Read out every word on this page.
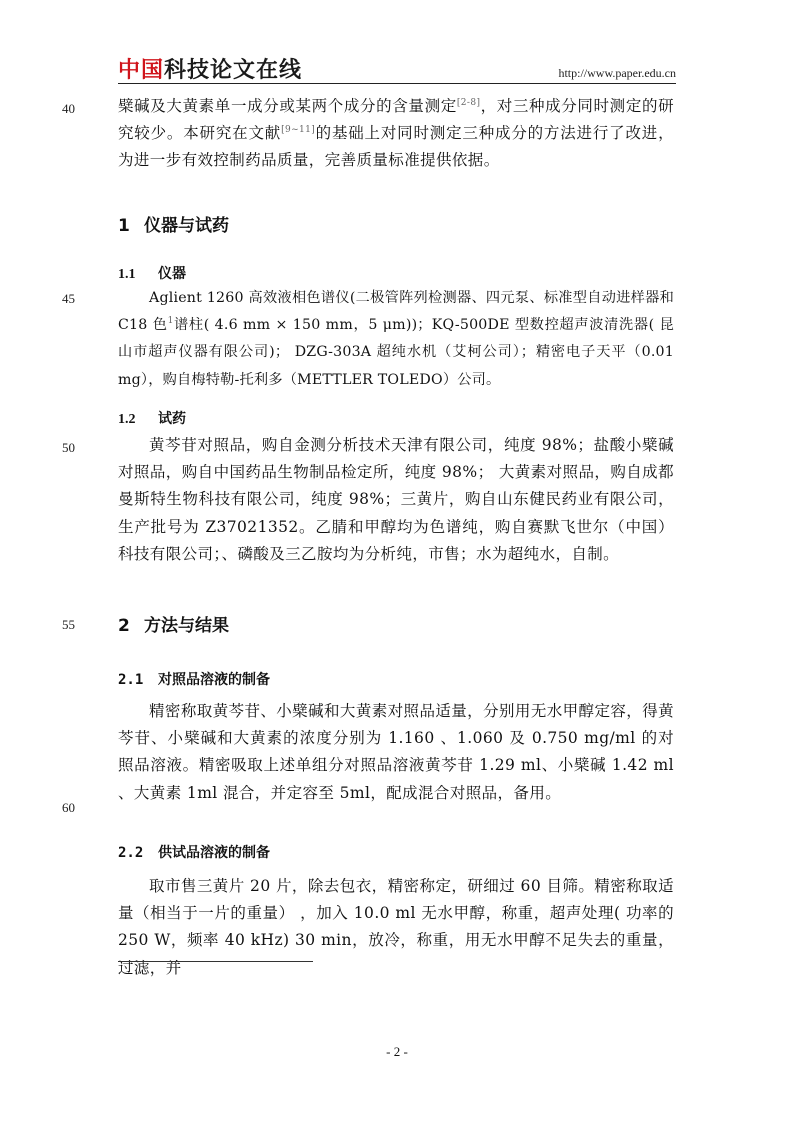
中国科技论文在线	http://www.paper.edu.cn
40
45
50
55
60
檗碱及大黄素单一成分或某两个成分的含量测定[2-8]，对三种成分同时测定的研究较少。本研究在文献[9~11]的基础上对同时测定三种成分的方法进行了改进，为进一步有效控制药品质量，完善质量标准提供依据。
1 仪器与试药
1.1 仪器
Aglient 1260 高效液相色谱仪(二极管阵列检测器、四元泵、标准型自动进样器和 C18 色$^1$谱柱( 4.6 mm × 150 mm，5 μm))；KQ-500DE 型数控超声波清洗器( 昆山市超声仪器有限公司)； DZG-303A 超纯水机（艾柯公司）；精密电子天平（0.01 mg），购自梅特勒-托利多（METTLER TOLEDO）公司。
1.2 试药
黄芩苷对照品，购自金测分析技术天津有限公司，纯度 98%；盐酸小檗碱对照品，购自中国药品生物制品检定所，纯度 98%； 大黄素对照品，购自成都曼斯特生物科技有限公司，纯度 98%；三黄片，购自山东健民药业有限公司，生产批号为 Z37021352。乙腈和甲醇均为色谱纯，购自赛默飞世尔（中国）科技有限公司；、磷酸及三乙胺均为分析纯，市售；水为超纯水，自制。
2 方法与结果
2.1 对照品溶液的制备
精密称取黄芩苷、小檗碱和大黄素对照品适量，分别用无水甲醇定容，得黄芩苷、小檗碱和大黄素的浓度分别为 1.160 、1.060 及 0.750 mg/ml 的对照品溶液。精密吸取上述单组分对照品溶液黄芩苷 1.29 ml、小檗碱 1.42 ml 、大黄素 1ml 混合，并定容至 5ml，配成混合对照品，备用。
2.2 供试品溶液的制备
取市售三黄片 20 片，除去包衣，精密称定，研细过 60 目筛。精密称取适量（相当于一片的重量） ，加入 10.0 ml 无水甲醇，称重，超声处理( 功率的 250 W，频率 40 kHz) 30 min，放冷，称重，用无水甲醇不足失去的重量，过滤，并
- 2 -
